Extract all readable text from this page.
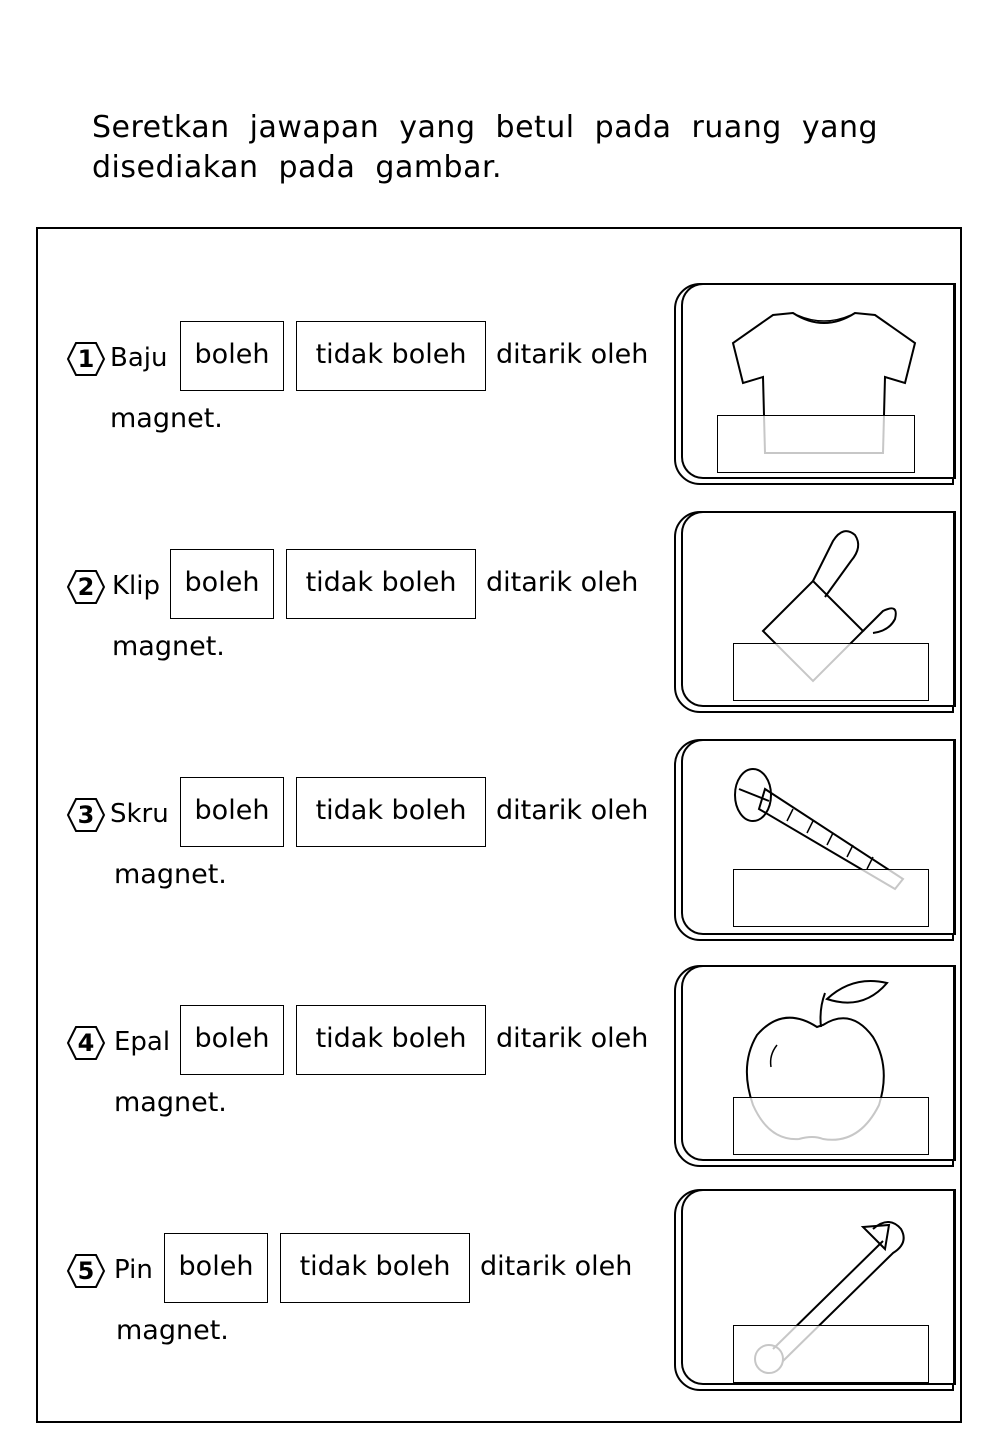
Seretkan jawapan yang betul pada ruang yang
disediakan pada gambar.
1 Baju	boleh	tidak boleh	ditarik oleh
magnet.
2 Klip boleh	tidak boleh	ditarik oleh
magnet.
3 Skru boleh	tidak boleh	ditarik oleh
magnet.
4 Epal boleh	tidak boleh	ditarik oleh
magnet.
5 Pin boleh	tidak boleh	ditarik oleh
magnet.
